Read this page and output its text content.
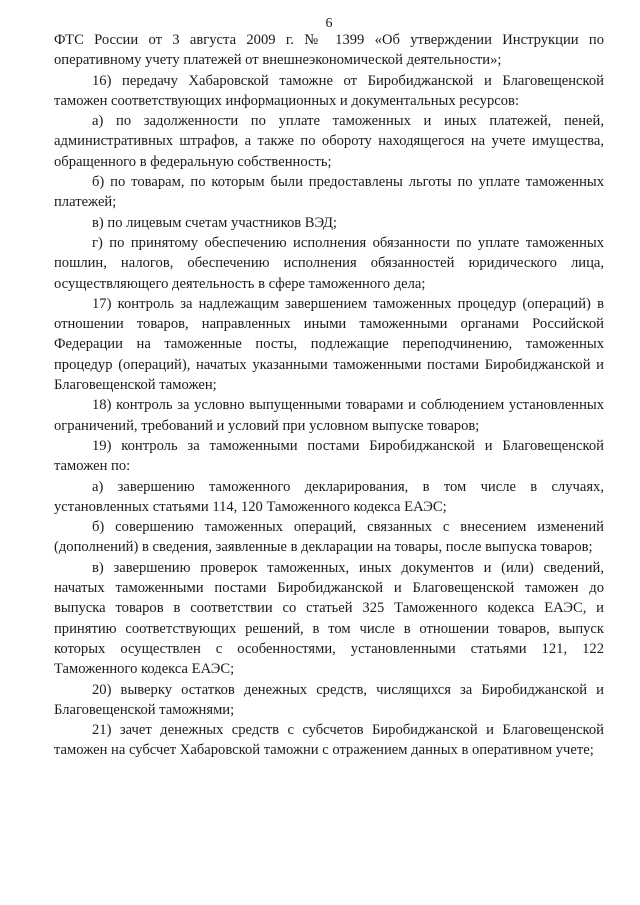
6

ФТС России от 3 августа 2009 г. № 1399 «Об утверждении Инструкции по оперативному учету платежей от внешнеэкономической деятельности»;

16) передачу Хабаровской таможне от Биробиджанской и Благовещенской таможен соответствующих информационных и документальных ресурсов:

а) по задолженности по уплате таможенных и иных платежей, пеней, административных штрафов, а также по обороту находящегося на учете имущества, обращенного в федеральную собственность;

б) по товарам, по которым были предоставлены льготы по уплате таможенных платежей;

в) по лицевым счетам участников ВЭД;

г) по принятому обеспечению исполнения обязанности по уплате таможенных пошлин, налогов, обеспечению исполнения обязанностей юридического лица, осуществляющего деятельность в сфере таможенного дела;

17) контроль за надлежащим завершением таможенных процедур (операций) в отношении товаров, направленных иными таможенными органами Российской Федерации на таможенные посты, подлежащие переподчинению, таможенных процедур (операций), начатых указанными таможенными постами Биробиджанской и Благовещенской таможен;

18) контроль за условно выпущенными товарами и соблюдением установленных ограничений, требований и условий при условном выпуске товаров;

19) контроль за таможенными постами Биробиджанской и Благовещенской таможен по:

а) завершению таможенного декларирования, в том числе в случаях, установленных статьями 114, 120 Таможенного кодекса ЕАЭС;

б) совершению таможенных операций, связанных с внесением изменений (дополнений) в сведения, заявленные в декларации на товары, после выпуска товаров;

в) завершению проверок таможенных, иных документов и (или) сведений, начатых таможенными постами Биробиджанской и Благовещенской таможен до выпуска товаров в соответствии со статьей 325 Таможенного кодекса ЕАЭС, и принятию соответствующих решений, в том числе в отношении товаров, выпуск которых осуществлен с особенностями, установленными статьями 121, 122 Таможенного кодекса ЕАЭС;

20) выверку остатков денежных средств, числящихся за Биробиджанской и Благовещенской таможнями;

21) зачет денежных средств с субсчетов Биробиджанской и Благовещенской таможен на субсчет Хабаровской таможни с отражением данных в оперативном учете;
